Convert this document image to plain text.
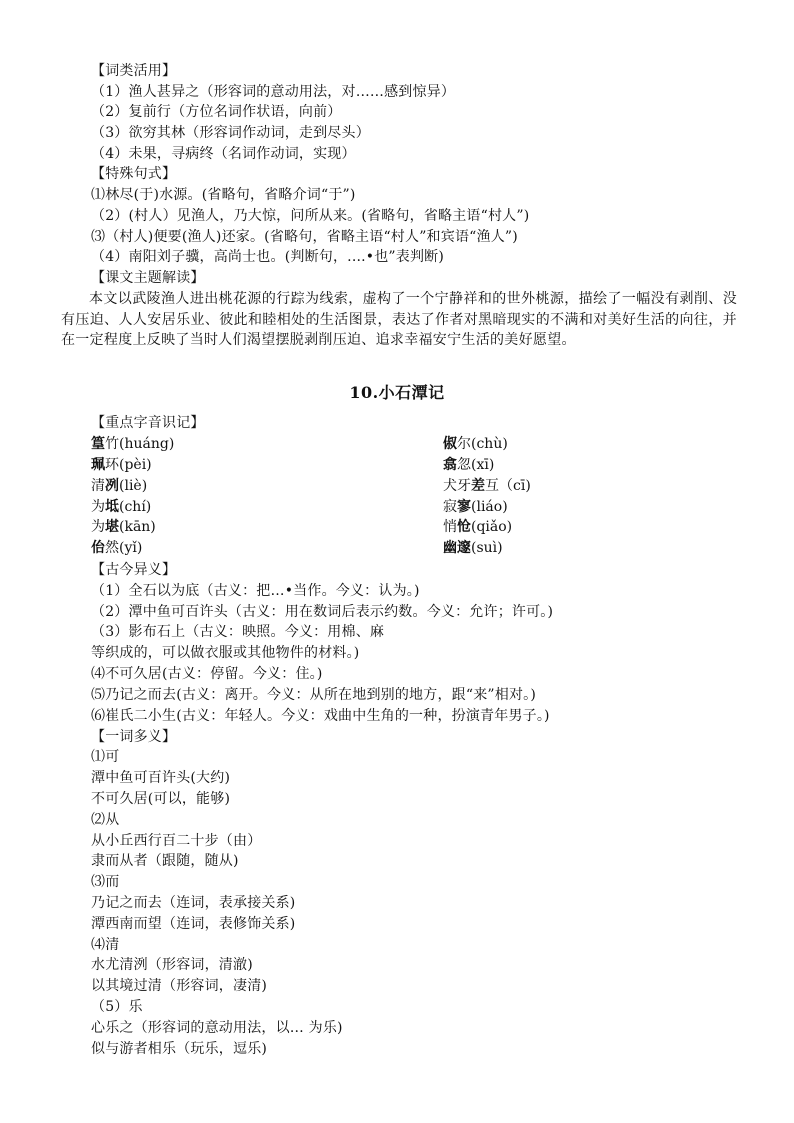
【词类活用】
（1）渔人甚异之（形容词的意动用法，对……感到惊异）
（2）复前行（方位名词作状语，向前）
（3）欲穷其林（形容词作动词，走到尽头）
（4）未果，寻病终（名词作动词，实现）
【特殊句式】
⑴林尽(于)水源。(省略句，省略介词“于”)
（2）(村人）见渔人，乃大惊，问所从来。(省略句，省略主语“村人”)
⑶（村人)便要(渔人)还家。(省略句，省略主语“村人”和宾语“渔人”)
（4）南阳刘子骥，高尚士也。(判断句，....•也”表判断)
【课文主题解读】
本文以武陵渔人进出桃花源的行踪为线索，虚构了一个宁静祥和的世外桃源，描绘了一幅没有剥削、没有压迫、人人安居乐业、彼此和睦相处的生活图景，表达了作者对黑暗现实的不满和对美好生活的向往，并在一定程度上反映了当时人们渴望摆脱剥削压迫、追求幸福安宁生活的美好愿望。
10.小石潭记
【重点字音识记】
篁竹(huáng)
珮环(pèi)
清冽(liè)
为坻(chí)
为堪(kān)
佁然(yǐ)
俶尔(chù)
翕忽(xī)
犬牙差互（cī)
寂寥(liáo)
悄怆(qiǎo)
幽邃(suì)
【古今异义】
（1）全石以为底（古义：把…•当作。今义：认为。)
（2）潭中鱼可百许头（古义：用在数词后表示约数。今义：允许；许可。)
（3）影布石上（古义：映照。今义：用棉、麻
等织成的，可以做衣服或其他物件的材料。)
⑷不可久居(古义：停留。今义：住。)
⑸乃记之而去(古义：离开。今义：从所在地到别的地方，跟“来”相对。)
⑹崔氏二小生(古义：年轻人。今义：戏曲中生角的一种，扮演青年男子。)
【一词多义】
⑴可
潭中鱼可百许头(大约)
不可久居(可以，能够)
⑵从
从小丘西行百二十步（由）
隶而从者（跟随，随从)
⑶而
乃记之而去（连词，表承接关系)
潭西南而望（连词，表修饰关系)
⑷清
水尤清洌（形容词，清澈)
以其境过清（形容词，凄清)
（5）乐
心乐之（形容词的意动用法，以… 为乐)
似与游者相乐（玩乐，逗乐)
